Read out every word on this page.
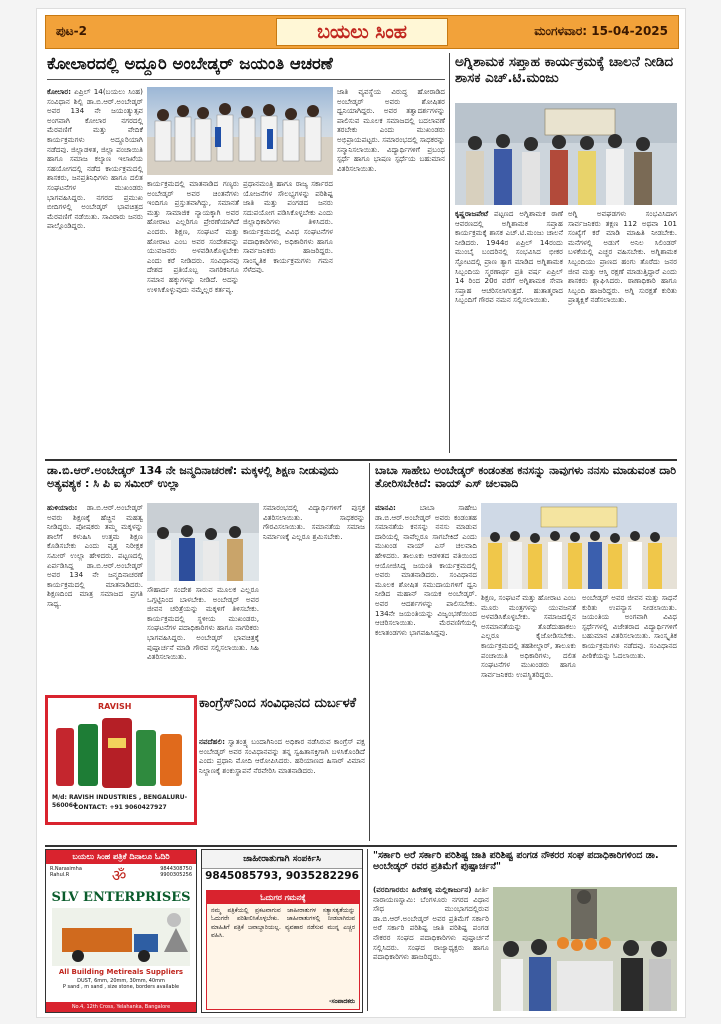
ಪುಟ-2	ಬಯಲು ಸಿಂಹ	ಮಂಗಳವಾರ: 15-04-2025
ಕೋಲಾರದಲ್ಲಿ ಅದ್ದೂರಿ ಅಂಬೇಡ್ಕರ್ ಜಯಂತಿ ಆಚರಣೆ
ಕೋಲಾರ: ಏಪ್ರಿಲ್ 14(ಬಯಲು ಸಿಂಹ) ಸಂವಿಧಾನ ಶಿಲ್ಪಿ ಡಾ.ಬಿ.ಆರ್.ಅಂಬೇಡ್ಕರ್ ಅವರ 134 ನೇ ಜಯಂತ್ಯುತ್ಸವ ಅಂಗವಾಗಿ ಕೋಲಾರ ನಗರದಲ್ಲಿ ಮೆರವಣಿಗೆ ಮತ್ತು ವೇದಿಕೆ ಕಾರ್ಯಕ್ರಮಗಳು ಅದ್ದೂರಿಯಾಗಿ ನಡೆದವು. ಜಿಲ್ಲಾಡಳಿತ, ಜಿಲ್ಲಾ ಪಂಚಾಯಿತಿ ಹಾಗೂ ಸಮಾಜ ಕಲ್ಯಾಣ ಇಲಾಖೆಯ ಸಹಯೋಗದಲ್ಲಿ ನಡೆದ ಕಾರ್ಯಕ್ರಮದಲ್ಲಿ ಶಾಸಕರು, ಜನಪ್ರತಿನಿಧಿಗಳು ಹಾಗೂ ದಲಿತ ಸಂಘಟನೆಗಳ ಮುಖಂಡರು ಭಾಗವಹಿಸಿದ್ದರು. ನಗರದ ಪ್ರಮುಖ ಬೀದಿಗಳಲ್ಲಿ ಅಂಬೇಡ್ಕರ್ ಭಾವಚಿತ್ರದ ಮೆರವಣಿಗೆ ನಡೆಯಿತು. ಸಾವಿರಾರು ಜನರು ಪಾಲ್ಗೊಂಡಿದ್ದರು.
ಕಾರ್ಯಕ್ರಮದಲ್ಲಿ ಮಾತನಾಡಿದ ಗಣ್ಯರು ಅಂಬೇಡ್ಕರ್ ಅವರ ಚಿಂತನೆಗಳು ಇಂದಿಗೂ ಪ್ರಸ್ತುತವಾಗಿದ್ದು, ಸಮಾನತೆ ಮತ್ತು ಸಾಮಾಜಿಕ ನ್ಯಾಯಕ್ಕಾಗಿ ಅವರ ಹೋರಾಟ ಎಲ್ಲರಿಗೂ ಪ್ರೇರಣೆಯಾಗಿದೆ ಎಂದರು. ಶಿಕ್ಷಣ, ಸಂಘಟನೆ ಮತ್ತು ಹೋರಾಟ ಎಂಬ ಅವರ ಸಂದೇಶವನ್ನು ಯುವಜನರು ಅಳವಡಿಸಿಕೊಳ್ಳಬೇಕು ಎಂದು ಕರೆ ನೀಡಿದರು. ಸಂವಿಧಾನವು ದೇಶದ ಪ್ರತಿಯೊಬ್ಬ ನಾಗರಿಕನಿಗೂ ಸಮಾನ ಹಕ್ಕುಗಳನ್ನು ನೀಡಿದೆ. ಅದನ್ನು ಉಳಿಸಿಕೊಳ್ಳುವುದು ನಮ್ಮೆಲ್ಲರ ಕರ್ತವ್ಯ.
ಪ್ರಧಾನಮಂತ್ರಿ ಹಾಗೂ ರಾಜ್ಯ ಸರ್ಕಾರದ ಯೋಜನೆಗಳ ಸೌಲಭ್ಯಗಳನ್ನು ಪರಿಶಿಷ್ಟ ಜಾತಿ ಮತ್ತು ಪಂಗಡದ ಜನರು ಸದುಪಯೋಗ ಪಡಿಸಿಕೊಳ್ಳಬೇಕು ಎಂದು ಜಿಲ್ಲಾಧಿಕಾರಿಗಳು ತಿಳಿಸಿದರು. ಕಾರ್ಯಕ್ರಮದಲ್ಲಿ ವಿವಿಧ ಸಂಘಟನೆಗಳ ಪದಾಧಿಕಾರಿಗಳು, ಅಧಿಕಾರಿಗಳು ಹಾಗೂ ಸಾರ್ವಜನಿಕರು ಹಾಜರಿದ್ದರು. ಸಾಂಸ್ಕೃತಿಕ ಕಾರ್ಯಕ್ರಮಗಳು ಗಮನ ಸೆಳೆದವು.
ಜಾತಿ ವ್ಯವಸ್ಥೆಯ ವಿರುದ್ಧ ಹೋರಾಡಿದ ಅಂಬೇಡ್ಕರ್ ಅವರು ಶೋಷಿತರ ಧ್ವನಿಯಾಗಿದ್ದರು. ಅವರ ತತ್ವಾದರ್ಶಗಳನ್ನು ಪಾಲಿಸುವ ಮೂಲಕ ಸಮಾಜದಲ್ಲಿ ಬದಲಾವಣೆ ತರಬೇಕು ಎಂದು ಮುಖಂಡರು ಅಭಿಪ್ರಾಯಪಟ್ಟರು. ಸಮಾರಂಭದಲ್ಲಿ ಸಾಧಕರನ್ನು ಸನ್ಮಾನಿಸಲಾಯಿತು. ವಿದ್ಯಾರ್ಥಿಗಳಿಗೆ ಪ್ರಬಂಧ ಸ್ಪರ್ಧೆ ಹಾಗೂ ಭಾಷಣ ಸ್ಪರ್ಧೆಯ ಬಹುಮಾನ ವಿತರಿಸಲಾಯಿತು.
ಅಗ್ನಿಶಾಮಕ ಸಪ್ತಾಹ ಕಾರ್ಯಕ್ರಮಕ್ಕೆ ಚಾಲನೆ ನೀಡಿದ ಶಾಸಕ ಎಚ್.ಟಿ.ಮಂಜು
ಕೃಷ್ಣರಾಜಪೇಟೆ ಪಟ್ಟಣದ ಅಗ್ನಿಶಾಮಕ ಠಾಣೆ ಆವರಣದಲ್ಲಿ ಅಗ್ನಿಶಾಮಕ ಸಪ್ತಾಹ ಕಾರ್ಯಕ್ರಮಕ್ಕೆ ಶಾಸಕ ಎಚ್.ಟಿ.ಮಂಜು ಚಾಲನೆ ನೀಡಿದರು. 1944ರ ಏಪ್ರಿಲ್ 14ರಂದು ಮುಂಬೈ ಬಂದರಿನಲ್ಲಿ ಸಂಭವಿಸಿದ ಭೀಕರ ಸ್ಫೋಟದಲ್ಲಿ ಪ್ರಾಣ ತ್ಯಾಗ ಮಾಡಿದ ಅಗ್ನಿಶಾಮಕ ಸಿಬ್ಬಂದಿಯ ಸ್ಮರಣಾರ್ಥ ಪ್ರತಿ ವರ್ಷ ಏಪ್ರಿಲ್ 14 ರಿಂದ 20ರ ವರೆಗೆ ಅಗ್ನಿಶಾಮಕ ಸೇವಾ ಸಪ್ತಾಹ ಆಚರಿಸಲಾಗುತ್ತದೆ. ಹುತಾತ್ಮರಾದ ಸಿಬ್ಬಂದಿಗೆ ಗೌರವ ನಮನ ಸಲ್ಲಿಸಲಾಯಿತು.
ಅಗ್ನಿ ಅವಘಡಗಳು ಸಂಭವಿಸಿದಾಗ ಸಾರ್ವಜನಿಕರು ತಕ್ಷಣ 112 ಅಥವಾ 101 ಸಂಖ್ಯೆಗೆ ಕರೆ ಮಾಡಿ ಮಾಹಿತಿ ನೀಡಬೇಕು. ಮನೆಗಳಲ್ಲಿ ಅಡುಗೆ ಅನಿಲ ಸಿಲಿಂಡರ್ ಬಳಕೆಯಲ್ಲಿ ಎಚ್ಚರ ವಹಿಸಬೇಕು. ಅಗ್ನಿಶಾಮಕ ಸಿಬ್ಬಂದಿಯು ಪ್ರಾಣದ ಹಂಗು ತೊರೆದು ಜನರ ಜೀವ ಮತ್ತು ಆಸ್ತಿ ರಕ್ಷಣೆ ಮಾಡುತ್ತಿದ್ದಾರೆ ಎಂದು ಶಾಸಕರು ಶ್ಲಾಘಿಸಿದರು. ಠಾಣಾಧಿಕಾರಿ ಹಾಗೂ ಸಿಬ್ಬಂದಿ ಹಾಜರಿದ್ದರು. ಅಗ್ನಿ ಸುರಕ್ಷತೆ ಕುರಿತು ಪ್ರಾತ್ಯಕ್ಷಿಕೆ ನಡೆಸಲಾಯಿತು.
ಡಾ.ಬಿ.ಆರ್.ಅಂಬೇಡ್ಕರ್ 134 ನೇ ಜನ್ಮದಿನಾಚರಣೆ: ಮಕ್ಕಳಲ್ಲಿ ಶಿಕ್ಷಣ ನೀಡುವುದು ಅತ್ಯವಶ್ಯಕ : ಸಿ ಪಿ ಐ ಸಮೀರ್ ಉಲ್ಲಾ
ಹುಳಿಯಾರು: ಡಾ.ಬಿ.ಆರ್.ಅಂಬೇಡ್ಕರ್ ಅವರು ಶಿಕ್ಷಣಕ್ಕೆ ಹೆಚ್ಚಿನ ಮಹತ್ವ ನೀಡಿದ್ದರು. ಪೋಷಕರು ತಮ್ಮ ಮಕ್ಕಳನ್ನು ಶಾಲೆಗೆ ಕಳುಹಿಸಿ ಉತ್ತಮ ಶಿಕ್ಷಣ ಕೊಡಿಸಬೇಕು ಎಂದು ವೃತ್ತ ನಿರೀಕ್ಷಕ ಸಮೀರ್ ಉಲ್ಲಾ ಹೇಳಿದರು. ಪಟ್ಟಣದಲ್ಲಿ ಏರ್ಪಡಿಸಿದ್ದ ಡಾ.ಬಿ.ಆರ್.ಅಂಬೇಡ್ಕರ್ ಅವರ 134 ನೇ ಜನ್ಮದಿನಾಚರಣೆ ಕಾರ್ಯಕ್ರಮದಲ್ಲಿ ಮಾತನಾಡಿದರು. ಶಿಕ್ಷಣದಿಂದ ಮಾತ್ರ ಸಮಾಜದ ಪ್ರಗತಿ ಸಾಧ್ಯ.
ಸೌಹಾರ್ದ ಸಂದೇಶ ಸಾರುವ ಮೂಲಕ ಎಲ್ಲರೂ ಒಗ್ಗಟ್ಟಿನಿಂದ ಬಾಳಬೇಕು. ಅಂಬೇಡ್ಕರ್ ಅವರ ಜೀವನ ಚರಿತ್ರೆಯನ್ನು ಮಕ್ಕಳಿಗೆ ತಿಳಿಸಬೇಕು. ಕಾರ್ಯಕ್ರಮದಲ್ಲಿ ಸ್ಥಳೀಯ ಮುಖಂಡರು, ಸಂಘಟನೆಗಳ ಪದಾಧಿಕಾರಿಗಳು ಹಾಗೂ ನಾಗರಿಕರು ಭಾಗವಹಿಸಿದ್ದರು. ಅಂಬೇಡ್ಕರ್ ಭಾವಚಿತ್ರಕ್ಕೆ ಪುಷ್ಪಾರ್ಚನೆ ಮಾಡಿ ಗೌರವ ಸಲ್ಲಿಸಲಾಯಿತು. ಸಿಹಿ ವಿತರಿಸಲಾಯಿತು.
ಸಮಾರಂಭದಲ್ಲಿ ವಿದ್ಯಾರ್ಥಿಗಳಿಗೆ ಪುಸ್ತಕ ವಿತರಿಸಲಾಯಿತು. ಸಾಧಕರನ್ನು ಗೌರವಿಸಲಾಯಿತು. ಸಮಾನತೆಯ ಸಮಾಜ ನಿರ್ಮಾಣಕ್ಕೆ ಎಲ್ಲರೂ ಶ್ರಮಿಸಬೇಕು.
ಬಾಬಾ ಸಾಹೇಬ ಅಂಬೇಡ್ಕರ್ ಕಂಡಂತಹ ಕನಸನ್ನು ನಾವುಗಳು ನನಸು ಮಾಡುವಂತ ದಾರಿ ತೋರಿಸಬೇಕಿದೆ: ವಾಯ್ ಎಸ್ ಚಲವಾದಿ
ಮಾನವಿ:	ಬಾಬಾ ಸಾಹೇಬ ಡಾ.ಬಿ.ಆರ್.ಅಂಬೇಡ್ಕರ್ ಅವರು ಕಂಡಂತಹ ಸಮಾನತೆಯ ಕನಸನ್ನು ನನಸು ಮಾಡುವ ದಾರಿಯಲ್ಲಿ ನಾವೆಲ್ಲರೂ ಸಾಗಬೇಕಿದೆ ಎಂದು ಮುಖಂಡ ವಾಯ್ ಎಸ್ ಚಲವಾದಿ ಹೇಳಿದರು. ತಾಲೂಕು ಆಡಳಿತದ ವತಿಯಿಂದ ಆಯೋಜಿಸಿದ್ದ ಜಯಂತಿ ಕಾರ್ಯಕ್ರಮದಲ್ಲಿ ಅವರು ಮಾತನಾಡಿದರು. ಸಂವಿಧಾನದ ಮೂಲಕ ಶೋಷಿತ ಸಮುದಾಯಗಳಿಗೆ ಧ್ವನಿ ನೀಡಿದ ಮಹಾನ್ ನಾಯಕ ಅಂಬೇಡ್ಕರ್. ಅವರ ಆದರ್ಶಗಳನ್ನು ಪಾಲಿಸಬೇಕು. 134ನೇ ಜಯಂತಿಯನ್ನು ವಿಜೃಂಭಣೆಯಿಂದ ಆಚರಿಸಲಾಯಿತು. ಮೆರವಣಿಗೆಯಲ್ಲಿ ಕಲಾತಂಡಗಳು ಭಾಗವಹಿಸಿದ್ದವು.
ಶಿಕ್ಷಣ, ಸಂಘಟನೆ ಮತ್ತು ಹೋರಾಟ ಎಂಬ ಮೂರು ಮಂತ್ರಗಳನ್ನು ಯುವಜನತೆ ಅಳವಡಿಸಿಕೊಳ್ಳಬೇಕು. ಸಮಾಜದಲ್ಲಿನ ಅಸಮಾನತೆಯನ್ನು ತೊಡೆದುಹಾಕಲು ಎಲ್ಲರೂ ಕೈಜೋಡಿಸಬೇಕು. ಕಾರ್ಯಕ್ರಮದಲ್ಲಿ ತಹಶೀಲ್ದಾರ್, ತಾಲೂಕು ಪಂಚಾಯಿತಿ ಅಧಿಕಾರಿಗಳು, ದಲಿತ ಸಂಘಟನೆಗಳ ಮುಖಂಡರು ಹಾಗೂ ಸಾರ್ವಜನಿಕರು ಉಪಸ್ಥಿತರಿದ್ದರು.
ಅಂಬೇಡ್ಕರ್ ಅವರ ಜೀವನ ಮತ್ತು ಸಾಧನೆ ಕುರಿತು ಉಪನ್ಯಾಸ ನೀಡಲಾಯಿತು. ಜಯಂತಿಯ ಅಂಗವಾಗಿ ವಿವಿಧ ಸ್ಪರ್ಧೆಗಳಲ್ಲಿ ವಿಜೇತರಾದ ವಿದ್ಯಾರ್ಥಿಗಳಿಗೆ ಬಹುಮಾನ ವಿತರಿಸಲಾಯಿತು. ಸಾಂಸ್ಕೃತಿಕ ಕಾರ್ಯಕ್ರಮಗಳು ನಡೆದವು. ಸಂವಿಧಾನದ ಪೀಠಿಕೆಯನ್ನು ಓದಲಾಯಿತು.
RAVISH
M/d: RAVISH INDUSTRIES , BENGALURU-560064
CONTACT: +91 9060427927
ಕಾಂಗ್ರೆಸ್‌ನಿಂದ ಸಂವಿಧಾನದ ದುರ್ಬಳಕೆ
ನವದೆಹಲಿ: ಸ್ವಾತಂತ್ರ್ಯ ಬಂದಾಗಿನಿಂದ ಅಧಿಕಾರ ನಡೆಸಿರುವ ಕಾಂಗ್ರೆಸ್ ಪಕ್ಷ ಅಂಬೇಡ್ಕರ್ ಅವರ ಸಂವಿಧಾನವನ್ನು ತನ್ನ ಸ್ವಹಿತಾಸಕ್ತಿಗಾಗಿ ಬಳಸಿಕೊಂಡಿದೆ ಎಂದು ಪ್ರಧಾನಿ ಮೋದಿ ಆರೋಪಿಸಿದರು. ಹರಿಯಾಣದ ಹಿಸಾರ್ ವಿಮಾನ ನಿಲ್ದಾಣಕ್ಕೆ ಶಂಕುಸ್ಥಾಪನೆ ನೆರವೇರಿಸಿ ಮಾತನಾಡಿದರು.
ಬಯಲು ಸಿಂಹ ಪತ್ರಿಕೆ ದಿನಾಲೂ ಓದಿರಿ
R.Narasimha
Rahul.R	ॐ	9844308750
9900305256
SLV ENTERPRISES
All Building Metireals Suppliers
DUST, 6mm, 20mm, 30mm, 40mm
P sand , m sand , size stone, borders available
No.4, 12th Cross, Yelahanka, Bangalore
ಜಾಹೀರಾತುಗಾಗಿ ಸಂಪರ್ಕಿಸಿ
9845085793, 9035282296
ಓದುಗರ ಗಮನಕ್ಕೆ
ನಮ್ಮ ಪತ್ರಿಕೆಯಲ್ಲಿ ಪ್ರಕಟವಾಗುವ ಜಾಹೀರಾತುಗಳ ಸತ್ಯಾಸತ್ಯತೆಯನ್ನು ಓದುಗರೇ ಪರಿಶೀಲಿಸಿಕೊಳ್ಳಬೇಕು. ಜಾಹೀರಾತುಗಳಲ್ಲಿ ನೀಡಲಾಗಿರುವ ಮಾಹಿತಿಗೆ ಪತ್ರಿಕೆ ಜವಾಬ್ದಾರಿಯಲ್ಲ. ವ್ಯವಹಾರ ನಡೆಸುವ ಮುನ್ನ ಎಚ್ಚರ ವಹಿಸಿ.
-ಸಂಪಾದಕರು
"ಸರ್ಕಾರಿ ಅರೆ ಸರ್ಕಾರಿ ಪರಿಶಿಷ್ಟ ಜಾತಿ ಪರಿಶಿಷ್ಟ ಪಂಗಡ ನೌಕರರ ಸಂಘ ಪದಾಧಿಕಾರಿಗಳಿಂದ ಡಾ. ಅಂಬೇಡ್ಕರ್ ರವರ ಪ್ರತಿಮೆಗೆ ಪುಷ್ಪಾರ್ಚನೆ"
(ವರದಿಗಾರರು: ಹಿರೇಹಳ್ಳಿ ಮಲ್ಲಿಕಾರ್ಜುನ) ಹೀರ್ತಿ ನಾರಾಯಣಸ್ವಾಮಿ: ಬೆಂಗಳೂರು ನಗರದ ವಿಧಾನ ಸೌಧ ಮುಂಭಾಗದಲ್ಲಿರುವ ಡಾ.ಬಿ.ಆರ್.ಅಂಬೇಡ್ಕರ್ ಅವರ ಪ್ರತಿಮೆಗೆ ಸರ್ಕಾರಿ ಅರೆ ಸರ್ಕಾರಿ ಪರಿಶಿಷ್ಟ ಜಾತಿ ಪರಿಶಿಷ್ಟ ಪಂಗಡ ನೌಕರರ ಸಂಘದ ಪದಾಧಿಕಾರಿಗಳು ಪುಷ್ಪಾರ್ಚನೆ ಸಲ್ಲಿಸಿದರು. ಸಂಘದ ರಾಜ್ಯಾಧ್ಯಕ್ಷರು ಹಾಗೂ ಪದಾಧಿಕಾರಿಗಳು ಹಾಜರಿದ್ದರು.
